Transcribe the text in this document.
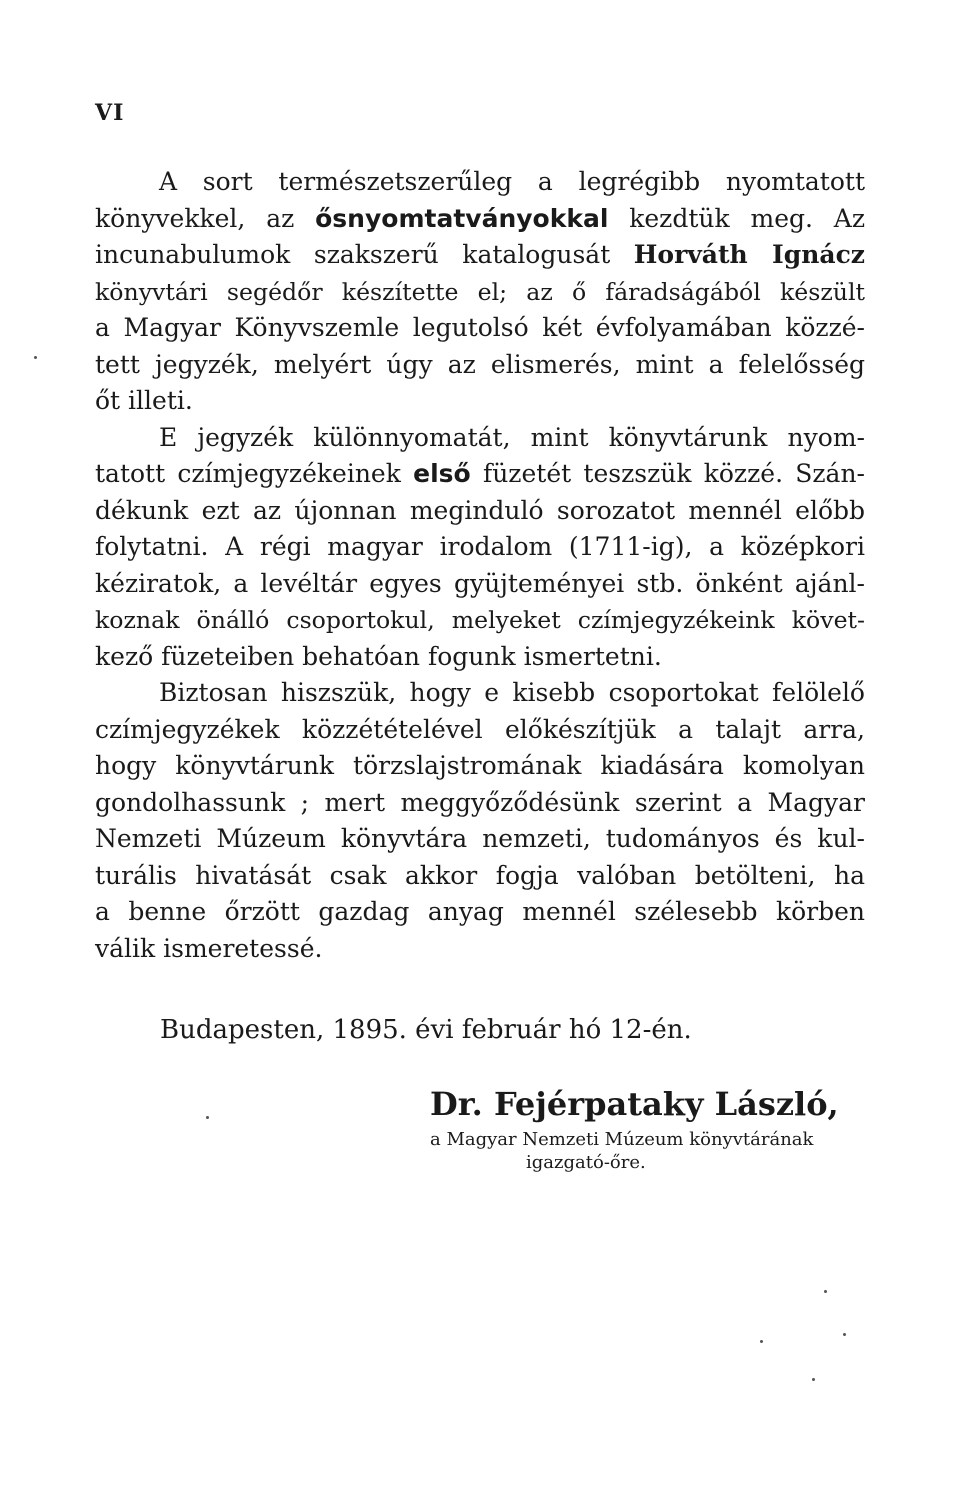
VI
A sort természetszerűleg a legrégibb nyomtatott
könyvekkel, az ősnyomtatványokkal kezdtük meg. Az
incunabulumok szakszerű katalogusát Horváth Ignácz
könyvtári segédőr készítette el; az ő fáradságából készült
a Magyar Könyvszemle legutolsó két évfolyamában közzé-
tett jegyzék, melyért úgy az elismerés, mint a felelősség
őt illeti.
E jegyzék különnyomatát, mint könyvtárunk nyom-
tatott czímjegyzékeinek első füzetét teszszük közzé. Szán-
dékunk ezt az újonnan meginduló sorozatot mennél előbb
folytatni. A régi magyar irodalom (1711-ig), a középkori
kéziratok, a levéltár egyes gyüjteményei stb. önként ajánl-
koznak önálló csoportokul, melyeket czímjegyzékeink követ-
kező füzeteiben behatóan fogunk ismertetni.
Biztosan hiszszük, hogy e kisebb csoportokat felölelő
czímjegyzékek közzétételével előkészítjük a talajt arra,
hogy könyvtárunk törzslajstromának kiadására komolyan
gondolhassunk ; mert meggyőződésünk szerint a Magyar
Nemzeti Múzeum könyvtára nemzeti, tudományos és kul-
turális hivatását csak akkor fogja valóban betölteni, ha
a benne őrzött gazdag anyag mennél szélesebb körben
válik ismeretessé.
Budapesten, 1895. évi február hó 12-én.
Dr. Fejérpataky László,
a Magyar Nemzeti Múzeum könyvtárának
igazgató-őre.
